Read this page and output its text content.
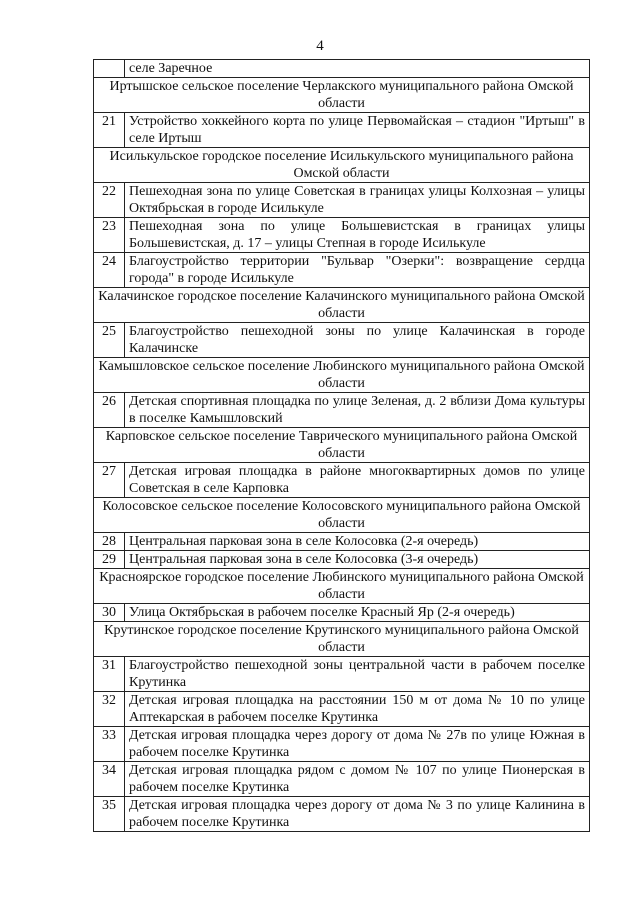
4
	селе Заречное
Иртышское сельское поселение Черлакского муниципального района Омской области	
21	Устройство хоккейного корта по улице Первомайская – стадион "Иртыш" в селе Иртыш
Исилькульское городское поселение Исилькульского муниципального района Омской области	
22	Пешеходная зона по улице Советская в границах улицы Колхозная – улицы Октябрьская в городе Исилькуле
23	Пешеходная зона по улице Большевистская в границах улицы Большевистская, д. 17 – улицы Степная в городе Исилькуле
24	Благоустройство территории "Бульвар "Озерки": возвращение сердца города" в городе Исилькуле
Калачинское городское поселение Калачинского муниципального района Омской области	
25	Благоустройство пешеходной зоны по улице Калачинская в городе Калачинске
Камышловское сельское поселение Любинского муниципального района Омской области	
26	Детская спортивная площадка по улице Зеленая, д. 2 вблизи Дома культуры в поселке Камышловский
Карповское сельское поселение Таврического муниципального района Омской области	
27	Детская игровая площадка в районе многоквартирных домов по улице Советская в селе Карповка
Колосовское сельское поселение Колосовского муниципального района Омской области	
28	Центральная парковая зона в селе Колосовка (2-я очередь)
29	Центральная парковая зона в селе Колосовка (3-я очередь)
Красноярское городское поселение Любинского муниципального района Омской области	
30	Улица Октябрьская в рабочем поселке Красный Яр (2-я очередь)
Крутинское городское поселение Крутинского муниципального района Омской области	
31	Благоустройство пешеходной зоны центральной части в рабочем поселке Крутинка
32	Детская игровая площадка на расстоянии 150 м от дома № 10 по улице Аптекарская в рабочем поселке Крутинка
33	Детская игровая площадка через дорогу от дома № 27в по улице Южная в рабочем поселке Крутинка
34	Детская игровая площадка рядом с домом № 107 по улице Пионерская в рабочем поселке Крутинка
35	Детская игровая площадка через дорогу от дома № 3 по улице Калинина в рабочем поселке Крутинка
